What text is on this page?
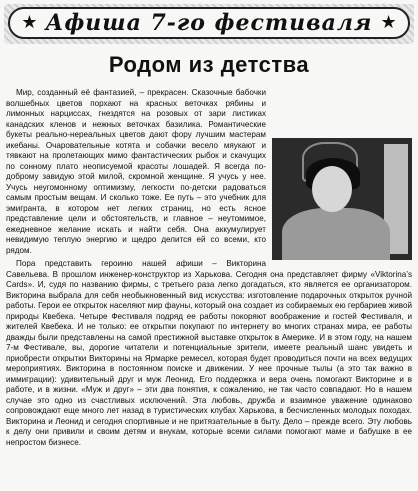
★ Афиша 7-го фестиваля ★
Родом из детства

Мир, созданный её фантазией, – прекрасен. Сказочные бабочки волшебных цветов порхают на красных веточках рябины и лимонных нарциссах, гнездятся на розовых от зари листиках канадских кленов и нежных веточках базилика. Романтические букеты реально-нереальных цветов дают фору лучшим мастерам икебаны. Очаровательные котята и собачки весело мяукают и тявкают на пролетающих мимо фантастических рыбок и скачущих по сонному плато неописуемой красоты лошадей. Я всегда по-доброму завидую этой милой, скромной женщине. Я учусь у нее. Учусь неугомонному оптимизму, легкости по-детски радоваться самым простым вещам. И сколько тоже. Ее путь – это учебник для эмигранта, в котором нет легких страниц, но есть ясное представление цели и обстоятельств, и главное – неутомимое, ежедневное желание искать и найти себя. Она аккумулирует невидимую теплую энергию и щедро делится ей со всеми, кто рядом.

Пора представить героиню нашей афиши – Викторина Савельева. В прошлом инженер-конструктор из Харькова. Сегодня она представляет фирму «Viktorina’s Cards». И, судя по названию фирмы, с третьего раза легко догадаться, кто является ее организатором. Викторина выбрала для себя необыкновенный вид искусства: изготовление подарочных открыток ручной работы. Герои ее открыток населяют мир фауны, который она создает из собираемых ею гербариев живой природы Квебека. Четыре Фестиваля подряд ее работы покоряют воображение и гостей Фестиваля, и жителей Квебека. И не только: ее открытки покупают по интернету во многих странах мира, ее работы дважды были представлены на самой престижной выставке открыток в Америке. И в этом году, на нашем 7-м Фестивале, вы, дорогие читатели и потенциальные зрители, имеете реальный шанс увидеть и приобрести открытки Викторины на Ярмарке ремесел, которая будет проводиться почти на всех ведущих мероприятиях. Викторина в постоянном поиске и движении. У нее прочные тылы (а это так важно в иммиграции): удивительный друг и муж Леонид. Его поддержка и вера очень помогают Викторине и в работе, и в жизни. «Муж и друг» – эти два понятия, к сожалению, не так часто совпадают. Но в нашем случае это одно из счастливых исключений. Эта любовь, дружба и взаимное уважение одинаково сопровождают еще много лет назад в туристических клубах Харькова, в бесчисленных молодых походах. Викторина и Леонид и сегодня спортивные и не притязательные в быту. Дело – прежде всего. Эту любовь к делу они привили и своим детям и внукам, которые всеми силами помогают маме и бабушке в ее непростом бизнесе.
